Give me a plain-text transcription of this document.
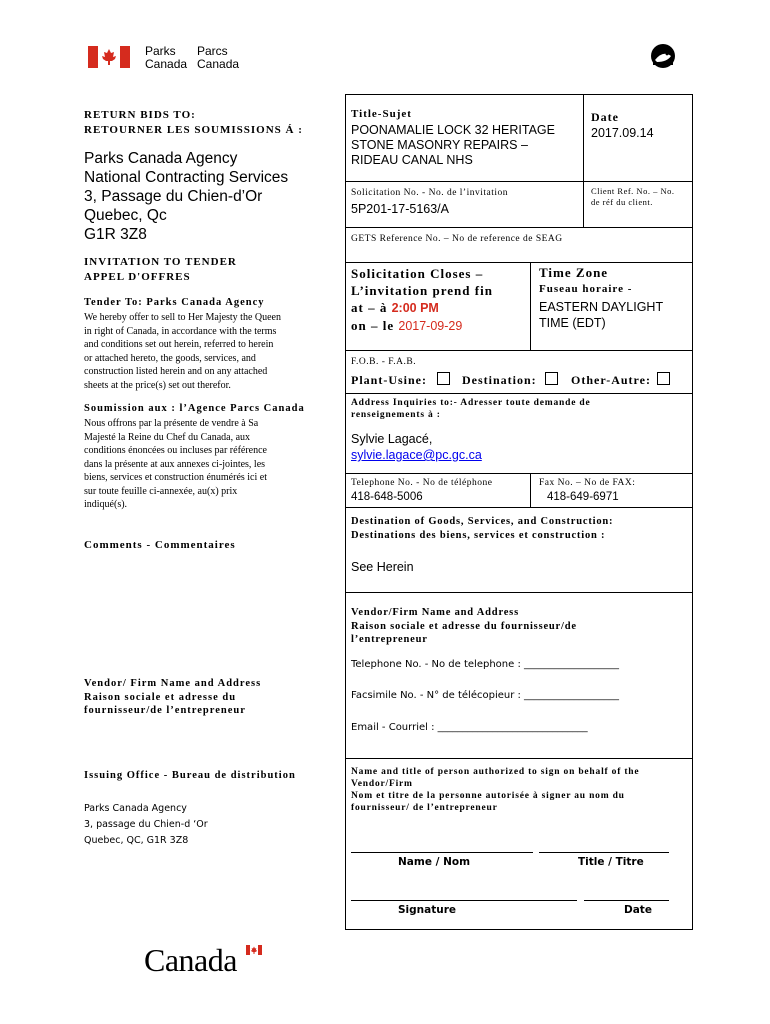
Parks
Canada
Parcs
Canada
RETURN BIDS TO:
RETOURNER LES SOUMISSIONS Á :
Parks Canada Agency
National Contracting Services
3, Passage du Chien-d’Or
Quebec, Qc
G1R 3Z8
INVITATION TO TENDER
APPEL D'OFFRES
Tender To: Parks Canada Agency
We hereby offer to sell to Her Majesty the Queen
in right of Canada, in accordance with the terms
and conditions set out herein, referred to herein
or attached hereto, the goods, services, and
construction listed herein and on any attached
sheets at the price(s) set out therefor.
Soumission aux : l’Agence Parcs Canada
Nous offrons par la présente de vendre à Sa
Majesté la Reine du Chef du Canada, aux
conditions énoncées ou incluses par référence
dans la présente at aux annexes ci-jointes, les
biens, services et construction énumérés ici et
sur toute feuille ci-annexée, au(x) prix
indiqué(s).
Comments - Commentaires
Vendor/ Firm Name and Address
Raison sociale et adresse du
fournisseur/de l’entrepreneur
Issuing Office - Bureau de distribution
Parks Canada Agency
3, passage du Chien-d ‘Or
Quebec, QC, G1R 3Z8
Title-Sujet
POONAMALIE LOCK 32 HERITAGE
STONE MASONRY REPAIRS –
RIDEAU CANAL NHS
Date
2017.09.14
Solicitation No. - No. de l’invitation
5P201-17-5163/A
Client Ref. No. – No.
de réf du client.
GETS Reference No. – No de reference de SEAG
Solicitation Closes –
L’invitation prend fin
at – à 2:00 PM
on – le 2017-09-29
Time Zone
Fuseau horaire -
EASTERN DAYLIGHT
TIME (EDT)
F.O.B. - F.A.B.
Plant-Usine:	Destination:	Other-Autre:
Address Inquiries to:- Adresser toute demande de
renseignements à :
Sylvie Lagacé,
sylvie.lagace@pc.gc.ca
Telephone No. - No de téléphone
418-648-5006
Fax No. – No de FAX:
418-649-6971
Destination of Goods, Services, and Construction:
Destinations des biens, services et construction :
See Herein
Vendor/Firm Name and Address
Raison sociale et adresse du fournisseur/de
l’entrepreneur
Telephone No. - No de telephone : ___________________
Facsimile No. - N° de télécopieur : ___________________
Email - Courriel : ______________________________
Name and title of person authorized to sign on behalf of the
Vendor/Firm
Nom et titre de la personne autorisée à signer au nom du
fournisseur/ de l’entrepreneur
Name / Nom	Title / Titre
Signature	Date
Canada
